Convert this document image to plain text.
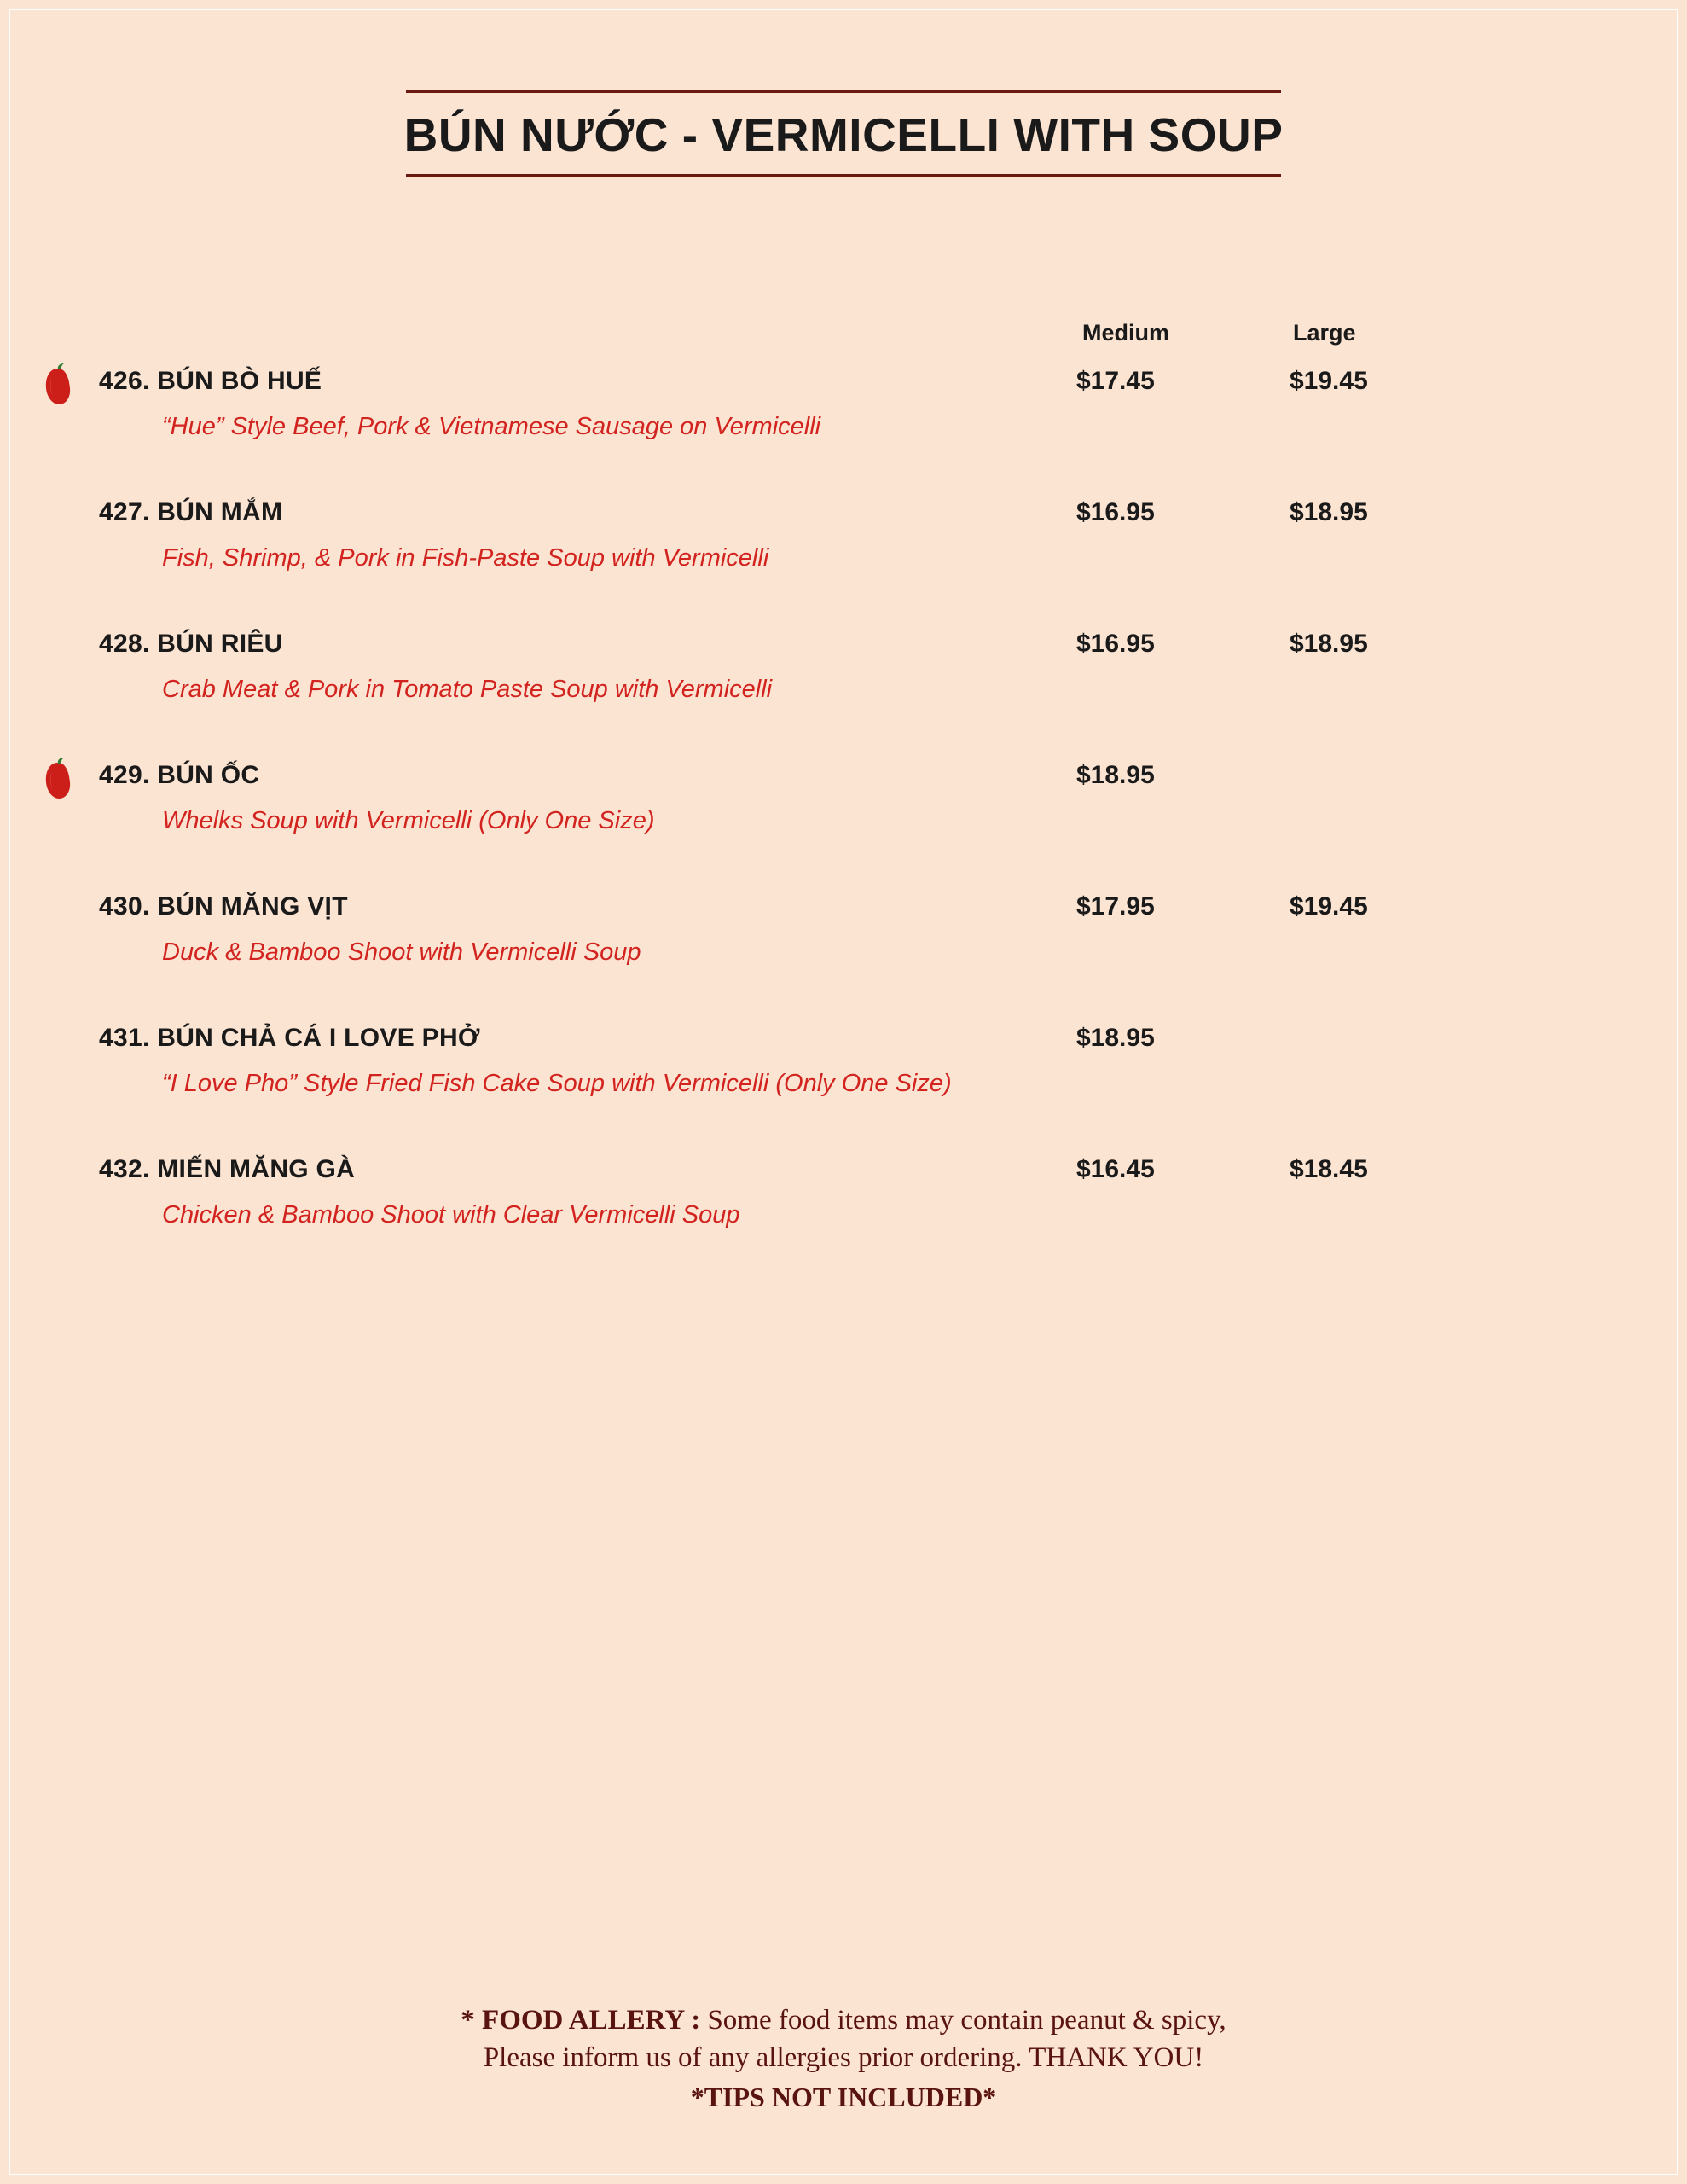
BÚN NƯỚC - VERMICELLI WITH SOUP
Medium	Large
426. BÚN BÒ HUẾ	$17.45	$19.45
“Hue” Style Beef, Pork & Vietnamese Sausage on Vermicelli
427. BÚN MẮM	$16.95	$18.95
Fish, Shrimp, & Pork in Fish-Paste Soup with Vermicelli
428. BÚN RIÊU	$16.95	$18.95
Crab Meat & Pork in Tomato Paste Soup with Vermicelli
429. BÚN ỐC	$18.95
Whelks Soup with Vermicelli (Only One Size)
430. BÚN MĂNG VỊT	$17.95	$19.45
Duck & Bamboo Shoot with Vermicelli Soup
431. BÚN CHẢ CÁ I LOVE PHỞ	$18.95
“I Love Pho” Style Fried Fish Cake Soup with Vermicelli (Only One Size)
432. MIẾN MĂNG GÀ	$16.45	$18.45
Chicken & Bamboo Shoot with Clear Vermicelli Soup
* FOOD ALLERY : Some food items may contain peanut & spicy,
Please inform us of any allergies prior ordering. THANK YOU!
*TIPS NOT INCLUDED*
